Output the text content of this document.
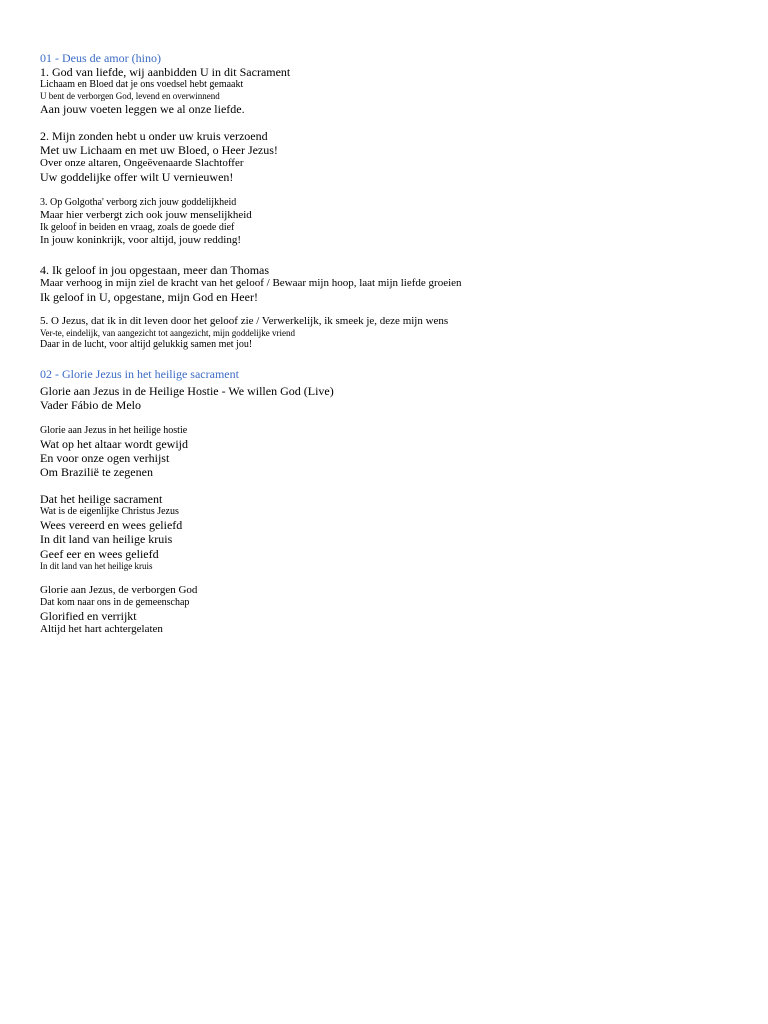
01 - Deus de amor (hino)
1. God van liefde, wij aanbidden U in dit Sacrament
Lichaam en Bloed dat je ons voedsel hebt gemaakt
U bent de verborgen God, levend en overwinnend
Aan jouw voeten leggen we al onze liefde.
2. Mijn zonden hebt u onder uw kruis verzoend
Met uw Lichaam en met uw Bloed, o Heer Jezus!
Over onze altaren, Ongeëvenaarde Slachtoffer
Uw goddelijke offer wilt U vernieuwen!
3. Op Golgotha' verborg zich jouw goddelijkheid
Maar hier verbergt zich ook jouw menselijkheid
Ik geloof in beiden en vraag, zoals de goede dief
In jouw koninkrijk, voor altijd, jouw redding!
4. Ik geloof in jou opgestaan, meer dan Thomas
Maar verhoog in mijn ziel de kracht van het geloof / Bewaar mijn hoop, laat mijn liefde groeien
Ik geloof in U, opgestane, mijn God en Heer!
5. O Jezus, dat ik in dit leven door het geloof zie / Verwerkelijk, ik smeek je, deze mijn wens
Ver-te, eindelijk, van aangezicht tot aangezicht, mijn goddelijke vriend
Daar in de lucht, voor altijd gelukkig samen met jou!
02 - Glorie Jezus in het heilige sacrament
Glorie aan Jezus in de Heilige Hostie - We willen God (Live)
Vader Fábio de Melo
Glorie aan Jezus in het heilige hostie
Wat op het altaar wordt gewijd
En voor onze ogen verhijst
Om Brazilië te zegenen
Dat het heilige sacrament
Wat is de eigenlijke Christus Jezus
Wees vereerd en wees geliefd
In dit land van heilige kruis
Geef eer en wees geliefd
In dit land van het heilige kruis
Glorie aan Jezus, de verborgen God
Dat kom naar ons in de gemeenschap
Glorified en verrijkt
Altijd het hart achtergelaten
